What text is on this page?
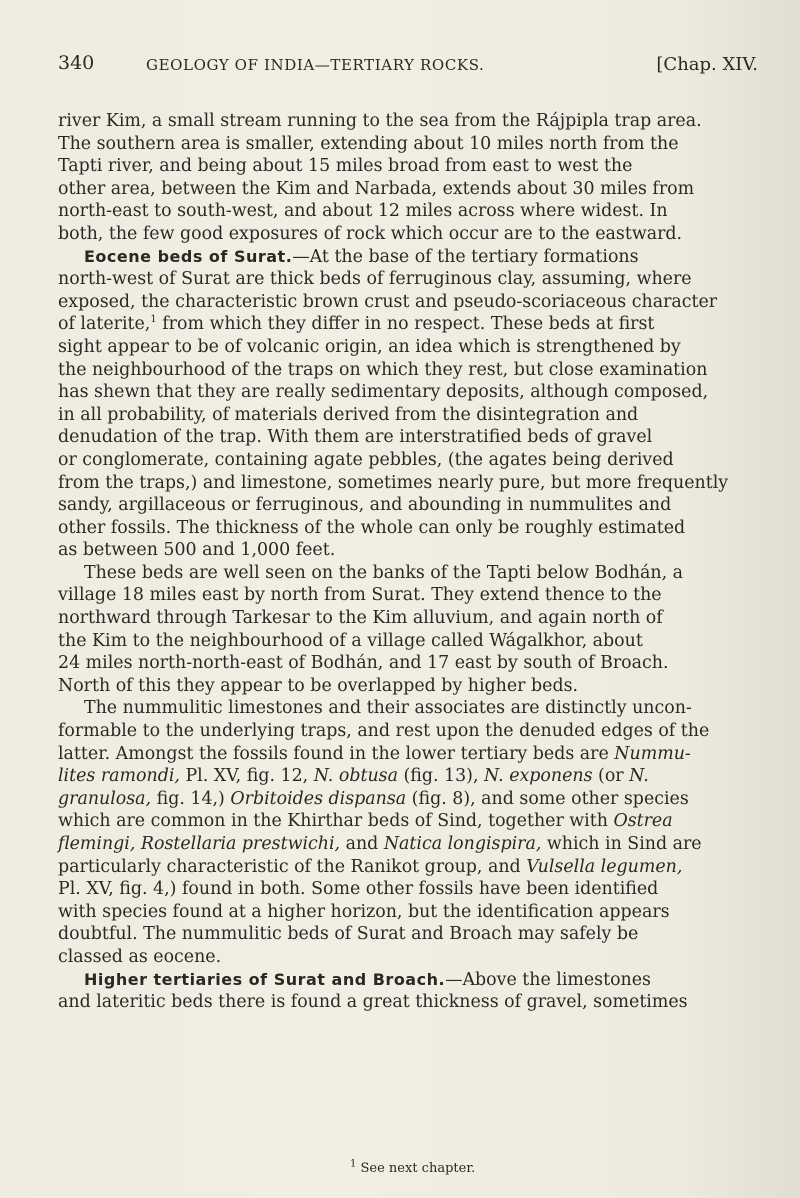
340	GEOLOGY OF INDIA—TERTIARY ROCKS.	[Chap. XIV.
river Kim, a small stream running to the sea from the Rájpipla trap area.
The southern area is smaller, extending about 10 miles north from the
Tapti river, and being about 15 miles broad from east to west the
other area, between the Kim and Narbada, extends about 30 miles from
north-east to south-west, and about 12 miles across where widest. In
both, the few good exposures of rock which occur are to the eastward.
Eocene beds of Surat.—At the base of the tertiary formations
north-west of Surat are thick beds of ferruginous clay, assuming, where
exposed, the characteristic brown crust and pseudo-scoriaceous character
of laterite,$^1$ from which they differ in no respect. These beds at first
sight appear to be of volcanic origin, an idea which is strengthened by
the neighbourhood of the traps on which they rest, but close examination
has shewn that they are really sedimentary deposits, although composed,
in all probability, of materials derived from the disintegration and
denudation of the trap. With them are interstratified beds of gravel
or conglomerate, containing agate pebbles, (the agates being derived
from the traps,) and limestone, sometimes nearly pure, but more frequently
sandy, argillaceous or ferruginous, and abounding in nummulites and
other fossils. The thickness of the whole can only be roughly estimated
as between 500 and 1,000 feet.
These beds are well seen on the banks of the Tapti below Bodhán, a
village 18 miles east by north from Surat. They extend thence to the
northward through Tarkesar to the Kim alluvium, and again north of
the Kim to the neighbourhood of a village called Wágalkhor, about
24 miles north-north-east of Bodhán, and 17 east by south of Broach.
North of this they appear to be overlapped by higher beds.
The nummulitic limestones and their associates are distinctly uncon-
formable to the underlying traps, and rest upon the denuded edges of the
latter. Amongst the fossils found in the lower tertiary beds are Nummu-
lites ramondi, Pl. XV, fig. 12, N. obtusa (fig. 13), N. exponens (or N.
granulosa, fig. 14,) Orbitoides dispansa (fig. 8), and some other species
which are common in the Khirthar beds of Sind, together with Ostrea
flemingi, Rostellaria prestwichi, and Natica longispira, which in Sind are
particularly characteristic of the Ranikot group, and Vulsella legumen,
Pl. XV, fig. 4,) found in both. Some other fossils have been identified
with species found at a higher horizon, but the identification appears
doubtful. The nummulitic beds of Surat and Broach may safely be
classed as eocene.
Higher tertiaries of Surat and Broach.—Above the limestones
and lateritic beds there is found a great thickness of gravel, sometimes
$^1$ See next chapter.
